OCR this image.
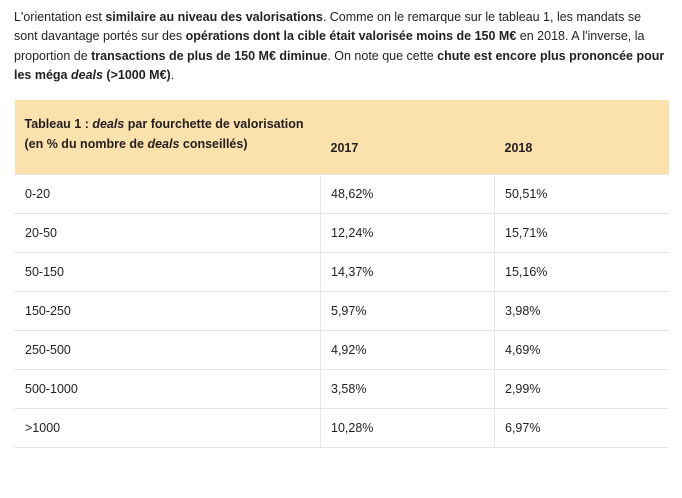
L'orientation est similaire au niveau des valorisations. Comme on le remarque sur le tableau 1, les mandats se sont davantage portés sur des opérations dont la cible était valorisée moins de 150 M€ en 2018. A l'inverse, la proportion de transactions de plus de 150 M€ diminue. On note que cette chute est encore plus prononcée pour les méga deals (>1000 M€).

Tableau 1 : deals par fourchette de valorisation (en % du nombre de deals conseillés)	2017	2018
0-20	48,62%	50,51%
20-50	12,24%	15,71%
50-150	14,37%	15,16%
150-250	5,97%	3,98%
250-500	4,92%	4,69%
500-1000	3,58%	2,99%
>1000	10,28%	6,97%
